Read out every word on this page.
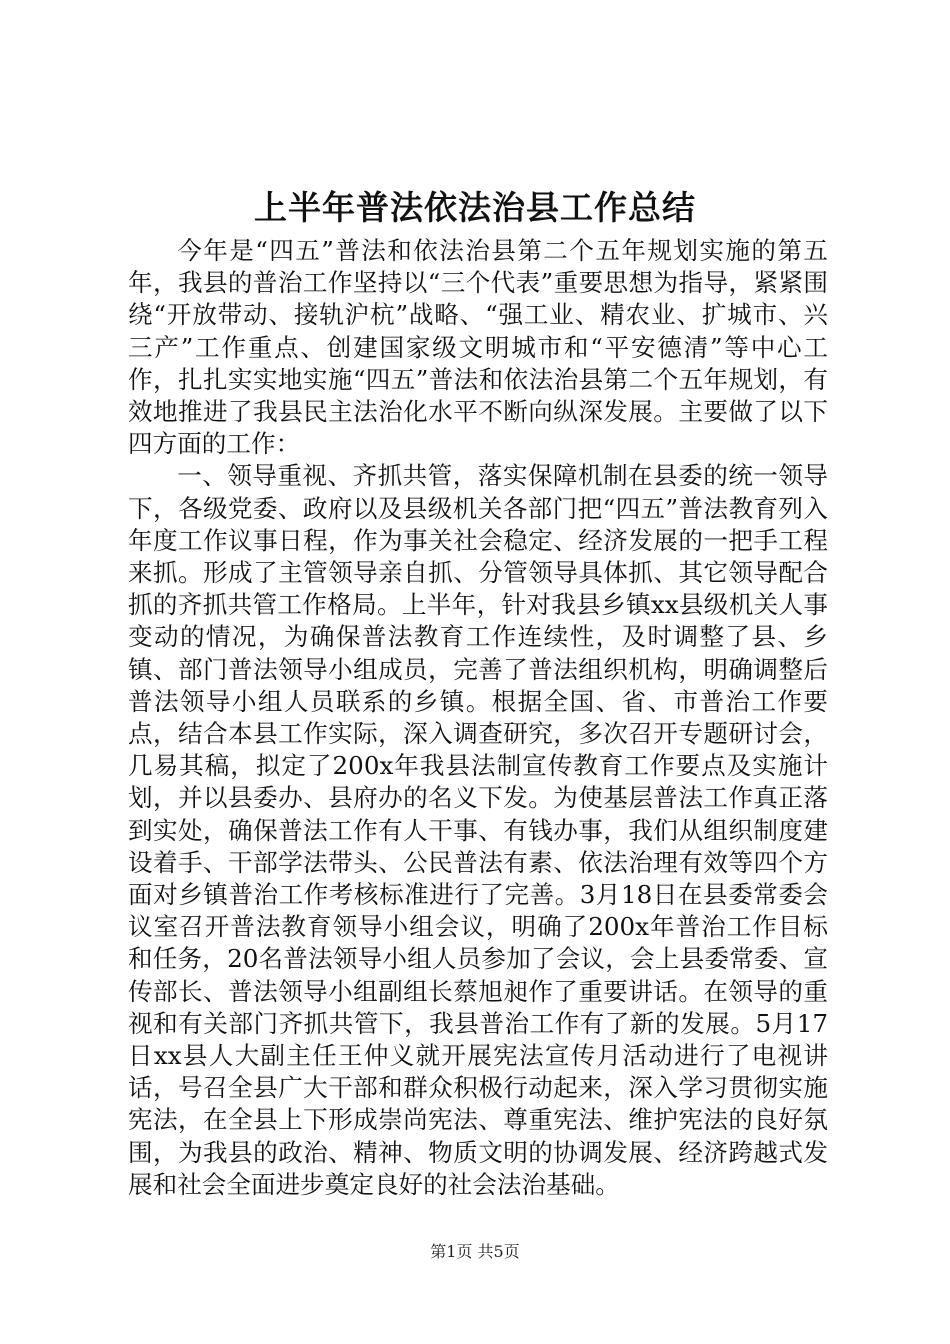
上半年普法依法治县工作总结

今年是“四五”普法和依法治县第二个五年规划实施的第五年，我县的普治工作坚持以“三个代表”重要思想为指导，紧紧围绕“开放带动、接轨沪杭”战略、“强工业、精农业、扩城市、兴三产”工作重点、创建国家级文明城市和“平安德清”等中心工作，扎扎实实地实施“四五”普法和依法治县第二个五年规划，有效地推进了我县民主法治化水平不断向纵深发展。主要做了以下四方面的工作：

一、领导重视、齐抓共管，落实保障机制在县委的统一领导下，各级党委、政府以及县级机关各部门把“四五”普法教育列入年度工作议事日程，作为事关社会稳定、经济发展的一把手工程来抓。形成了主管领导亲自抓、分管领导具体抓、其它领导配合抓的齐抓共管工作格局。上半年，针对我县乡镇xx县级机关人事变动的情况，为确保普法教育工作连续性，及时调整了县、乡镇、部门普法领导小组成员，完善了普法组织机构，明确调整后普法领导小组人员联系的乡镇。根据全国、省、市普治工作要点，结合本县工作实际，深入调查研究，多次召开专题研讨会，几易其稿，拟定了200x年我县法制宣传教育工作要点及实施计划，并以县委办、县府办的名义下发。为使基层普法工作真正落到实处，确保普法工作有人干事、有钱办事，我们从组织制度建设着手、干部学法带头、公民普法有素、依法治理有效等四个方面对乡镇普治工作考核标准进行了完善。3月18日在县委常委会议室召开普法教育领导小组会议，明确了200x年普治工作目标和任务，20名普法领导小组人员参加了会议，会上县委常委、宣传部长、普法领导小组副组长蔡旭昶作了重要讲话。在领导的重视和有关部门齐抓共管下，我县普治工作有了新的发展。5月17日xx县人大副主任王仲义就开展宪法宣传月活动进行了电视讲话，号召全县广大干部和群众积极行动起来，深入学习贯彻实施宪法，在全县上下形成崇尚宪法、尊重宪法、维护宪法的良好氛围，为我县的政治、精神、物质文明的协调发展、经济跨越式发展和社会全面进步奠定良好的社会法治基础。

第1页 共5页
